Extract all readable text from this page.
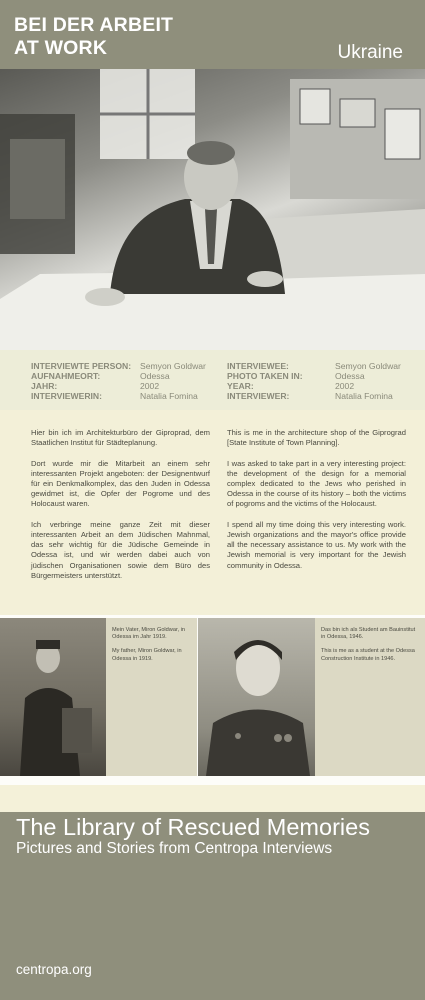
BEI DER ARBEIT
AT WORK	Ukraine
INTERVIEWTE PERSON: Semyon Goldwar
AUFNAHMEORT:	Odessa
JAHR:	2002
INTERVIEWERIN:	Natalia Fomina
INTERVIEWEE:	Semyon Goldwar
PHOTO TAKEN IN:	Odessa
YEAR:	2002
INTERVIEWER:	Natalia Fomina

Hier bin ich im Architekturbüro der Giproprad, dem Staatlichen Institut für Städteplanung.

Dort wurde mir die Mitarbeit an einem sehr interessanten Projekt angeboten: der Designentwurf für ein Denkmalkomplex, das den Juden in Odessa gewidmet ist, die Opfer der Pogrome und des Holocaust waren.

Ich verbringe meine ganze Zeit mit dieser interessanten Arbeit an dem Jüdischen Mahnmal, das sehr wichtig für die Jüdische Gemeinde in Odessa ist, und wir werden dabei auch von jüdischen Organisationen sowie dem Büro des Bürgermeisters unterstützt.

This is me in the architecture shop of the Giprograd [State Institute of Town Planning].

I was asked to take part in a very interesting project: the development of the design for a memorial complex dedicated to the Jews who perished in Odessa in the course of its history – both the victims of pogroms and the victims of the Holocaust.

I spend all my time doing this very interesting work. Jewish organizations and the mayor's office provide all the necessary assistance to us. My work with the Jewish memorial is very important for the Jewish community in Odessa.

Mein Vater, Miron Goldwar, in Odessa im Jahr 1919.

My father, Miron Goldwar, in Odessa in 1919.

Das bin ich als Student am Bauinstitut in Odessa, 1946.

This is me as a student at the Odessa Construction Institute in 1946.

The Library of Rescued Memories
Pictures and Stories from Centropa Interviews
centropa.org
